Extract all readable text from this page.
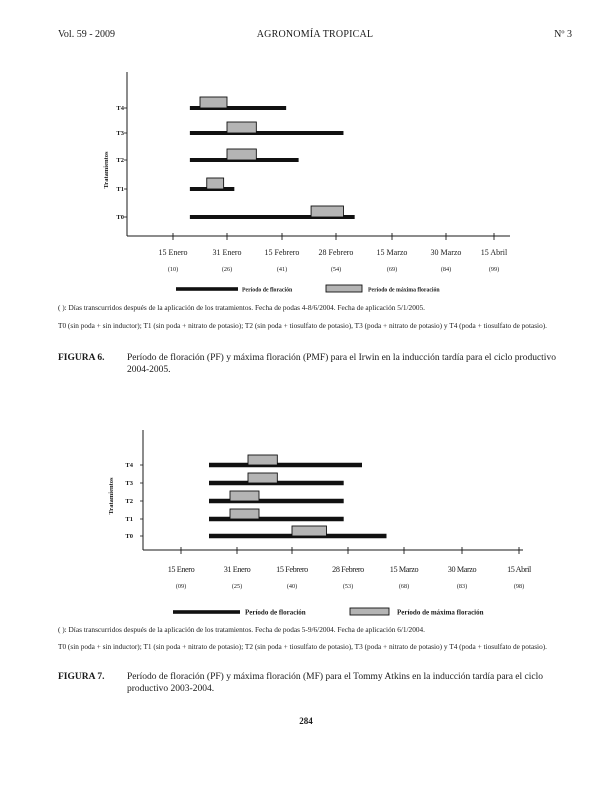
Vol. 59 - 2009	AGRONOMÍA TROPICAL	Nº 3
Tratamientos
T0
T1
T2
T3
T4
15 Enero
(10)
31 Enero
(26)
15 Febrero
(41)
28 Febrero
(54)
15 Marzo
(69)
30 Marzo
(84)
15 Abril
(99)
Período de floración	Período de máxima floración
( ): Días transcurridos después de la aplicación de los tratamientos. Fecha de podas 4-8/6/2004. Fecha de aplicación 5/1/2005.
T0 (sin poda + sin inductor); T1 (sin poda + nitrato de potasio); T2 (sin poda + tiosulfato de potasio), T3 (poda + nitrato de potasio) y T4 (poda + tiosulfato de potasio).
FIGURA 6. Período de floración (PF) y máxima floración (PMF) para el Irwin en la inducción tardía para el ciclo productivo 2004-2005.
Tratamientos
T0
T1
T2
T3
T4
15 Enero
(09)
31 Enero
(25)
15 Febrero
(40)
28 Febrero
(53)
15 Marzo
(68)
30 Marzo
(83)
15 Abril
(98)
Período de floración	Período de máxima floración
( ): Días transcurridos después de la aplicación de los tratamientos. Fecha de podas 5-9/6/2004. Fecha de aplicación 6/1/2004.
T0 (sin poda + sin inductor); T1 (sin poda + nitrato de potasio); T2 (sin poda + tiosulfato de potasio), T3 (poda + nitrato de potasio) y T4 (poda + tiosulfato de potasio).
FIGURA 7. Período de floración (PF) y máxima floración (MF) para el Tommy Atkins en la inducción tardía para el ciclo productivo 2003-2004.
284
